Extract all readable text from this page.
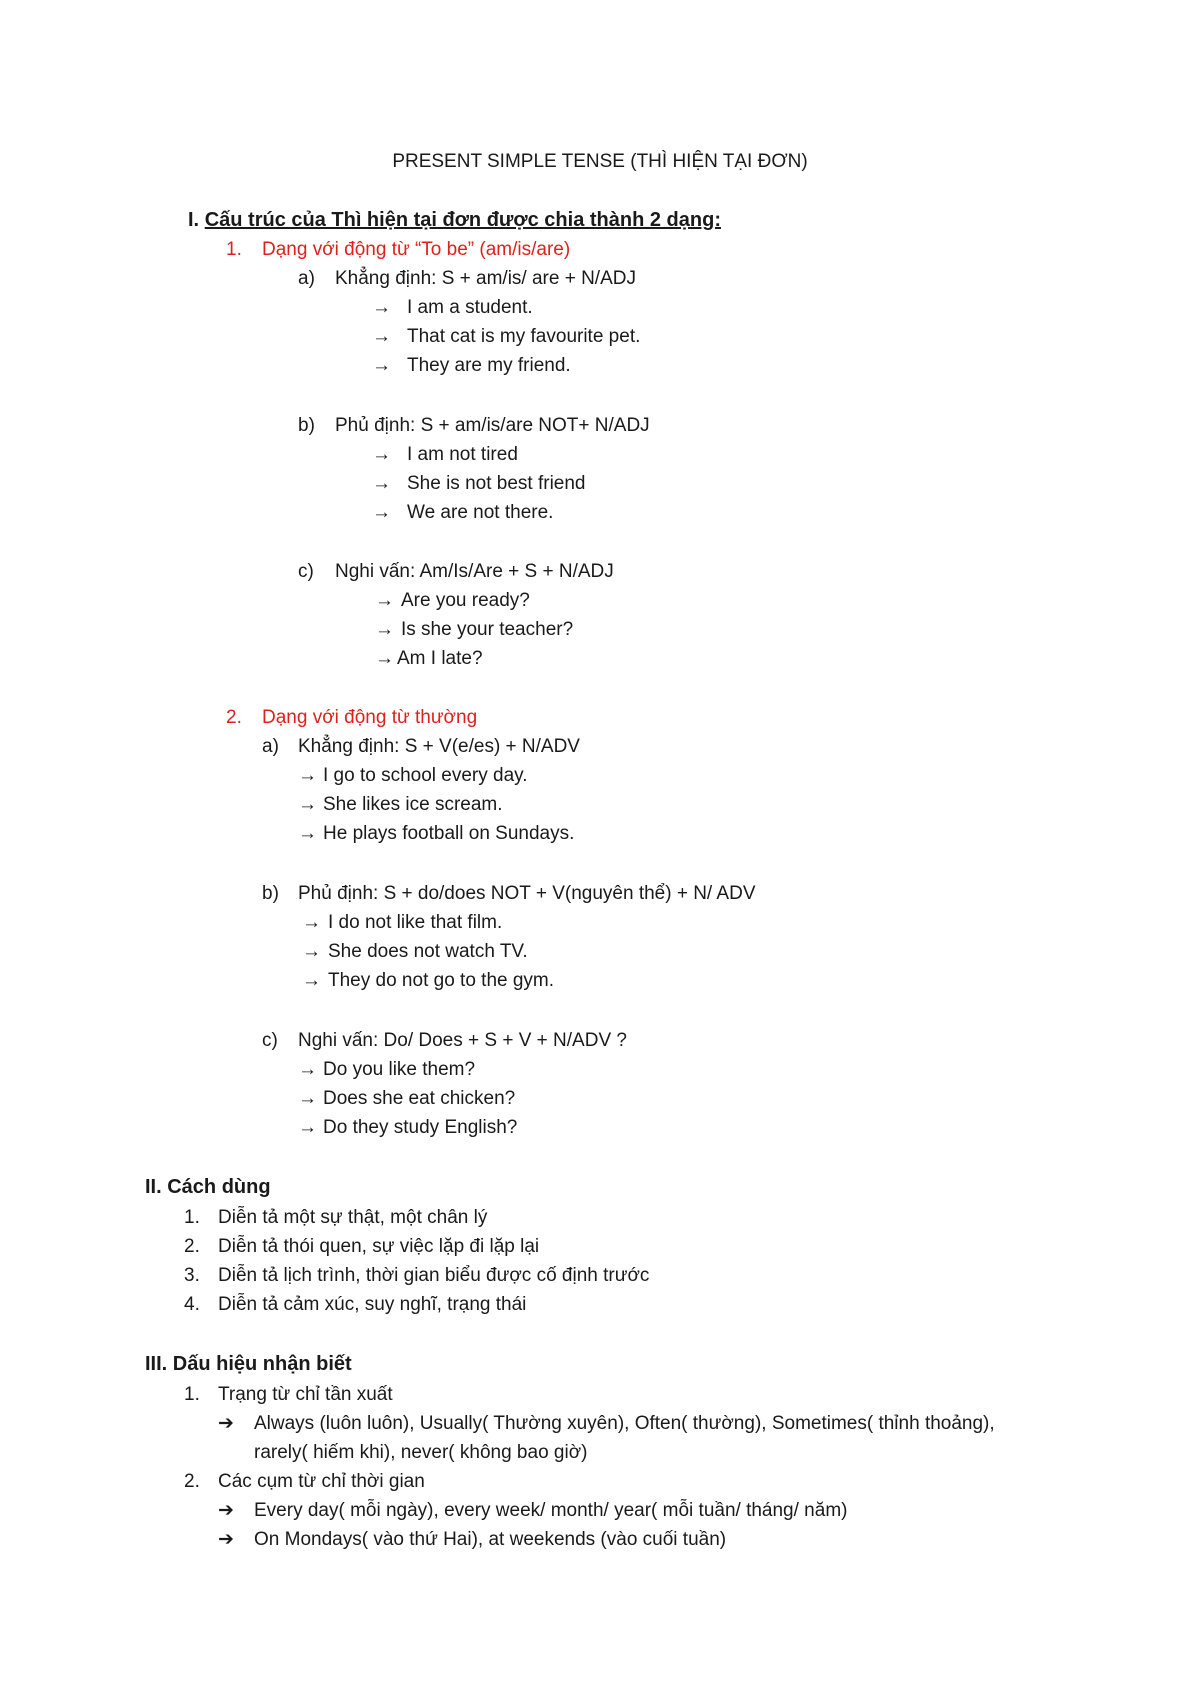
PRESENT SIMPLE TENSE (THÌ HIỆN TẠI ĐƠN)
I. Cấu trúc của Thì hiện tại đơn được chia thành 2 dạng:
1. Dạng với động từ “To be” (am/is/are)
a) Khẳng định: S + am/is/ are + N/ADJ
→ I am a student.
→ That cat is my favourite pet.
→ They are my friend.
b) Phủ định: S + am/is/are NOT+ N/ADJ
→ I am not tired
→ She is not best friend
→ We are not there.
c) Nghi vấn: Am/Is/Are + S + N/ADJ
→ Are you ready?
→ Is she your teacher?
→ Am I late?
2. Dạng với động từ thường
a) Khẳng định: S + V(e/es) + N/ADV
→ I go to school every day.
→ She likes ice scream.
→ He plays football on Sundays.
b) Phủ định: S + do/does NOT + V(nguyên thể) + N/ ADV
→ I do not like that film.
→ She does not watch TV.
→ They do not go to the gym.
c) Nghi vấn: Do/ Does + S + V + N/ADV ?
→ Do you like them?
→ Does she eat chicken?
→ Do they study English?
II. Cách dùng
1. Diễn tả một sự thật, một chân lý
2. Diễn tả thói quen, sự việc lặp đi lặp lại
3. Diễn tả lịch trình, thời gian biểu được cố định trước
4. Diễn tả cảm xúc, suy nghĩ, trạng thái
III. Dấu hiệu nhận biết
1. Trạng từ chỉ tần xuất
➔ Always (luôn luôn), Usually( Thường xuyên), Often( thường), Sometimes( thỉnh thoảng),
rarely( hiếm khi), never( không bao giờ)
2. Các cụm từ chỉ thời gian
➔ Every day( mỗi ngày), every week/ month/ year( mỗi tuần/ tháng/ năm)
➔ On Mondays( vào thứ Hai), at weekends (vào cuối tuần)
